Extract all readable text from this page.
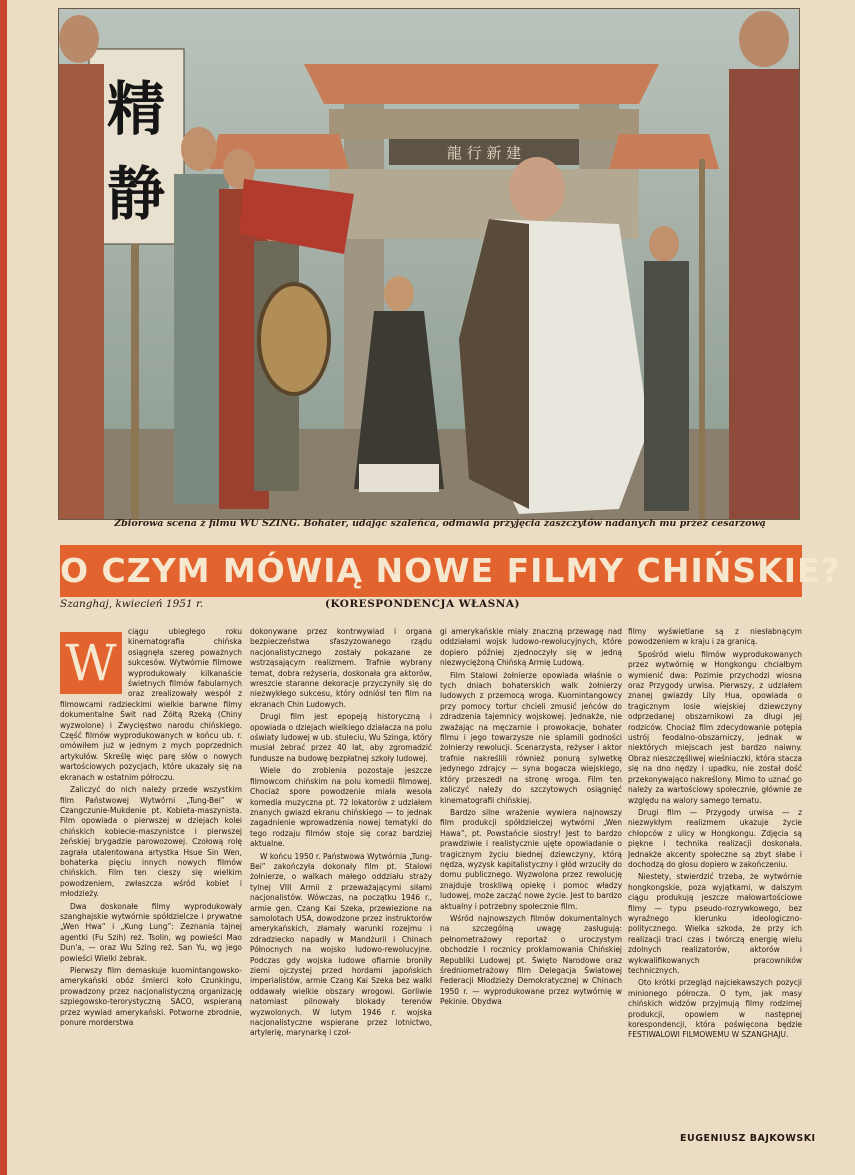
龍 行 新 建
精
静
Zbiorowa scena z filmu WU SZING. Bohater, udając szaleńca, odmawia przyjęcia zaszczytów nadanych mu przez cesarzową
O CZYM MÓWIĄ NOWE FILMY CHIŃSKIE?
Szanghaj, kwiecień 1951 r.	(KORESPONDENCJA WŁASNA)
W

ciągu ubiegłego roku kinematografia chińska osiągnęła szereg poważnych sukcesów. Wytwórnie filmowe wyprodukowały kilkanaście świetnych filmów fabularnych oraz zrealizowały wespół z filmowcami radzieckimi wielkie barwne filmy dokumentalne Świt nad Żółtą Rzeką (Chiny wyzwolone) i Zwycięstwo narodu chińskiego. Część filmów wyprodukowanych w końcu ub. r. omówiłem już w jednym z mych poprzednich artykułów. Skreślę więc parę słów o nowych wartościowych pozycjach, które ukazały się na ekranach w ostatnim półroczu.

Zaliczyć do nich należy przede wszystkim film Państwowej Wytwórni „Tung-Bei” w Czangczunie-Mukdenie pt. Kobieta-maszynista. Film opowiada o pierwszej w dziejach kolei chińskich kobiecie-maszynistce i pierwszej żeńskiej brygadzie parowozowej. Czołową rolę zagrała utalentowana artystka Hsue Sin Wen, bohaterka pięciu innych nowych filmów chińskich. Film ten cieszy się wielkim powodzeniem, zwłaszcza wśród kobiet i młodzieży.

Dwa doskonałe filmy wyprodukowały szanghajskie wytwórnie spółdzielcze i prywatne „Wen Hwa” i „Kung Lung”: Zeznania tajnej agentki (Fu Szih) reż. Tsolin, wg powieści Mao Dun'a, — oraz Wu Szing reż. San Yu, wg jego powieści Wielki żebrak.

Pierwszy film demaskuje kuomintangowsko-amerykański obóz śmierci koło Czunkingu, prowadzony przez nacjonalistyczną organizację szpiegowsko-terorystyczną SACO, wspieraną przez wywiad amerykański. Potworne zbrodnie, ponure morderstwa

dokonywane przez kontrwywiad i organa bezpieczeństwa sfaszyzowanego rządu nacjonalistycznego zostały pokazane ze wstrząsającym realizmem. Trafnie wybrany temat, dobra reżyseria, doskonała gra aktorów, wreszcie staranne dekoracje przyczyniły się do niezwykłego sukcesu, który odniósł ten film na ekranach Chin Ludowych.

Drugi film jest epopeją historyczną i opowiada o dziejach wielkiego działacza na polu oświaty ludowej w ub. stuleciu, Wu Szinga, który musiał żebrać przez 40 lat, aby zgromadzić fundusze na budowę bezpłatnej szkoły ludowej.

Wiele do zrobienia pozostaje jeszcze filmowcom chińskim na polu komedii filmowej. Chociaż spore powodzenie miała wesoła komedia muzyczna pt. 72 lokatorów z udziałem znanych gwiazd ekranu chińskiego — to jednak zagadnienie wprowadzenia nowej tematyki do tego rodzaju filmów stoje się coraz bardziej aktualne.

W końcu 1950 r. Państwowa Wytwórnia „Tung-Bei” zakończyła dokonały film pt. Stalowi żołnierze, o walkach małego oddziału straży tylnej VIII Armii z przeważającymi siłami nacjonalistów. Wówczas, na początku 1946 r., armie gen. Czang Kai Szeka, przewiezione na samolotach USA, dowodzone przez instruktorów amerykańskich, złamały warunki rozejmu i zdradziecko napadły w Mandżurii i Chinach Północnych na wojsko ludowo-rewolucyjne. Podczas gdy wojska ludowe ofiarnie broniły ziemi ojczystej przed hordami japońskich imperialistów, armie Czang Kai Szeka bez walki oddawały wielkie obszary wrogowi. Gorliwie natomiast pilnowały blokady terenów wyzwolonych. W lutym 1946 r. wojska nacjonalistyczne wspierane przez lotnictwo, artylerię, marynarkę i czoł-

gi amerykańskie miały znaczną przewagę nad oddziałami wojsk ludowo-rewolucyjnych, które dopiero później zjednoczyły się w jedną niezwyciężoną Chińską Armię Ludową.

Film Stalowi żołnierze opowiada właśnie o tych dniach bohaterskich walk żołnierzy ludowych z przemocą wroga. Kuomintangowcy przy pomocy tortur chcieli zmusić jeńców do zdradzenia tajemnicy wojskowej. Jednakże, nie zważając na męczarnie i prowokacje, bohater filmu i jego towarzysze nie splamili godności żołnierzy rewolucji. Scenarzysta, reżyser i aktor trafnie nakreślili również ponurą sylwetkę jedynego zdrajcy — syna bogacza wiejskiego, który przeszedł na stronę wroga. Film ten zaliczyć należy do szczytowych osiągnięć kinematografii chińskiej.

Bardzo silne wrażenie wywiera najnowszy film produkcji spółdzielczej wytwórni „Wen Hawa”, pt. Powstańcie siostry! Jest to bardzo prawdziwie i realistycznie ujęte opowiadanie o tragicznym życiu biednej dziewczyny, którą nędza, wyzysk kapitalistyczny i głód wrzuciły do domu publicznego. Wyzwolona przez rewolucję znajduje troskliwą opiekę i pomoc władzy ludowej, może zacząć nowe życie. Jest to bardzo aktualny i potrzebny społecznie film.

Wśród najnowszych filmów dokumentalnych na szczególną uwagę zasługują: pełnometrażowy reportaż o uroczystym obchodzie I rocznicy proklamowania Chińskiej Republiki Ludowej pt. Święto Narodowe oraz średniometrażowy film Delegacja Światowej Federacji Młodzieży Demokratycznej w Chinach 1950 r. — wyprodukowane przez wytwórnię w Pekinie. Obydwa

filmy wyświetlane są z niesłabnącym powodzeniem w kraju i za granicą.

Spośród wielu filmów wyprodukowanych przez wytwórnię w Hongkongu chciałbym wymienić dwa: Pozimie przychodzi wiosna oraz Przygody urwisa. Pierwszy, z udziałem znanej gwiazdy Lily Hua, opowiada o tragicznym losie wiejskiej dziewczyny odprzedanej obszarnikowi za długi jej rodziców. Chociaż film zdecydowanie potępia ustrój feodalno-obszarniczy, jednak w niektórych miejscach jest bardzo naiwny. Obraz nieszczęśliwej wieśniaczki, która stacza się na dno nędzy i upadku, nie został dość przekonywająco nakreślony. Mimo to uznać go należy za wartościowy społecznie, głównie ze względu na walory samego tematu.

Drugi film — Przygody urwisa — z niezwykłym realizmem ukazuje życie chłopców z ulicy w Hongkongu. Zdjęcia są piękne i technika realizacji doskonała. Jednakże akcenty społeczne są zbyt słabe i dochodzą do głosu dopiero w zakończeniu.

Niestety, stwierdzić trzeba, że wytwórnie hongkongskie, poza wyjątkami, w dalszym ciągu produkują jeszcze małowartościowe filmy — typu pseudo-rozrywkowego, bez wyraźnego kierunku ideologiczno-politycznego. Wielka szkoda, że przy ich realizacji traci czas i twórczą energię wielu zdolnych realizatorów, aktorów i wykwalifikowanych pracowników technicznych.

Oto krótki przegląd najciekawszych pozycji minionego półrocza. O tym, jak masy chińskich widzów przyjmują filmy rodzimej produkcji, opowiem w następnej korespondencji, która poświęcona będzie FESTIWALOWI FILMOWEMU W SZANGHAJU.

EUGENIUSZ BAJKOWSKI
